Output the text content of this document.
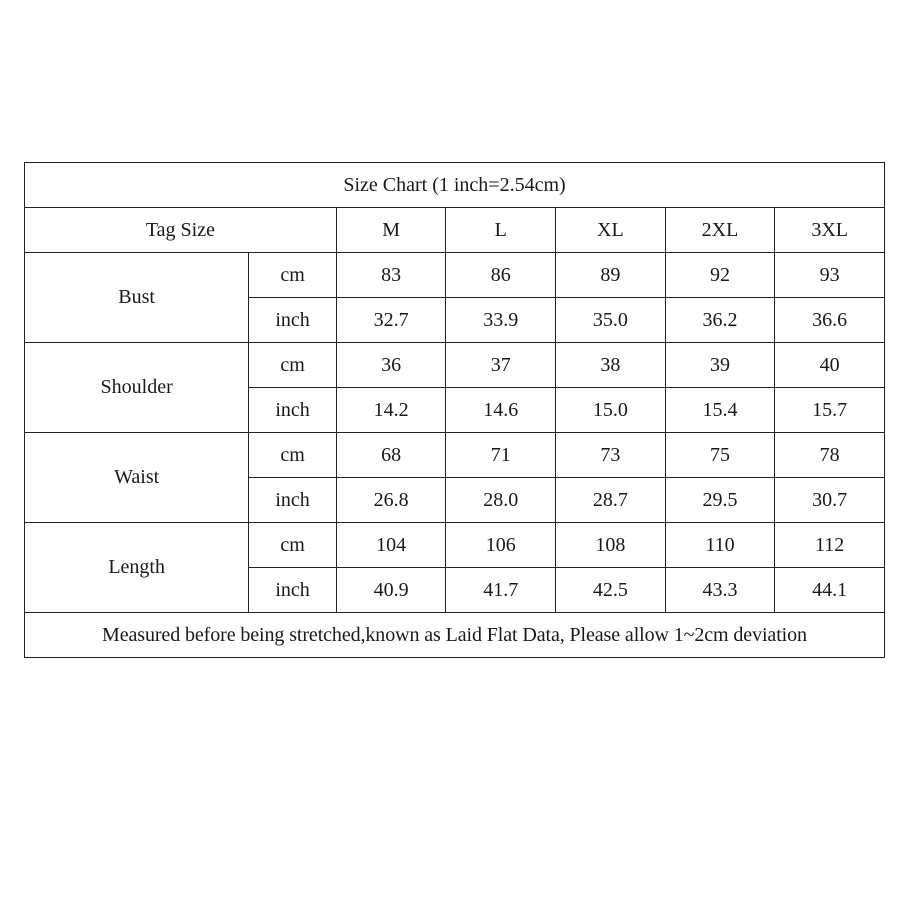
Size Chart (1 inch=2.54cm)						
Tag Size		M	L	XL	2XL	3XL
Bust	cm	83	86	89	92	93
	inch	32.7	33.9	35.0	36.2	36.6
Shoulder	cm	36	37	38	39	40
	inch	14.2	14.6	15.0	15.4	15.7
Waist	cm	68	71	73	75	78
	inch	26.8	28.0	28.7	29.5	30.7
Length	cm	104	106	108	110	112
	inch	40.9	41.7	42.5	43.3	44.1
Measured before being stretched,known as Laid Flat Data, Please allow 1~2cm deviation						
